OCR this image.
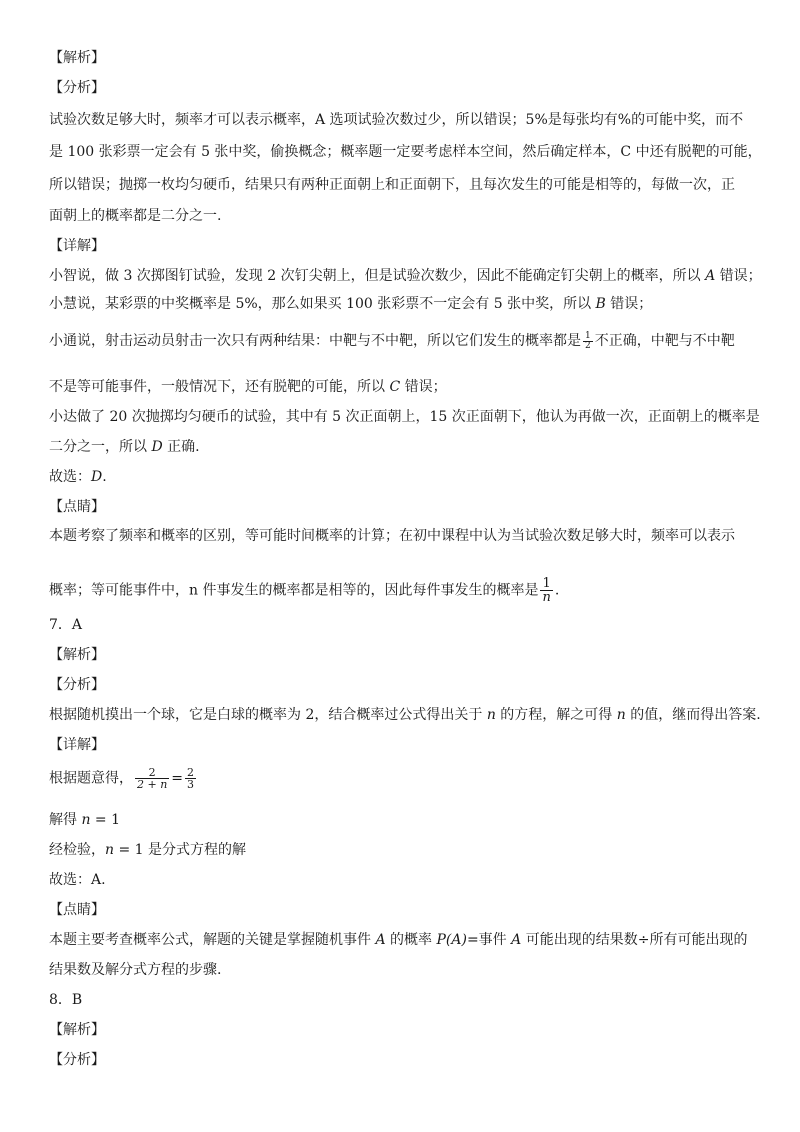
【解析】
【分析】
试验次数足够大时，频率才可以表示概率，A 选项试验次数过少，所以错误；5%是每张均有%的可能中奖，而不
是 100 张彩票一定会有 5 张中奖，偷换概念；概率题一定要考虑样本空间，然后确定样本，C 中还有脱靶的可能，
所以错误；抛掷一枚均匀硬币，结果只有两种正面朝上和正面朝下，且每次发生的可能是相等的，每做一次，正
面朝上的概率都是二分之一.
【详解】
小智说，做 3 次掷图钉试验，发现 2 次钉尖朝上，但是试验次数少，因此不能确定钉尖朝上的概率，所以 A 错误；
小慧说，某彩票的中奖概率是 5%，那么如果买 100 张彩票不一定会有 5 张中奖，所以 B 错误；
小通说，射击运动员射击一次只有两种结果：中靶与不中靶，所以它们发生的概率都是 $\frac{1}{2}$ 不正确，中靶与不中靶
不是等可能事件，一般情况下，还有脱靶的可能，所以 C 错误；
小达做了 20 次抛掷均匀硬币的试验，其中有 5 次正面朝上，15 次正面朝下，他认为再做一次，正面朝上的概率是
二分之一，所以 D 正确.
故选：D.
【点睛】
本题考察了频率和概率的区别，等可能时间概率的计算；在初中课程中认为当试验次数足够大时，频率可以表示
概率；等可能事件中，n 件事发生的概率都是相等的，因此每件事发生的概率是 $\frac{1}{n}$ .
7．A
【解析】
【分析】
根据随机摸出一个球，它是白球的概率为 2，结合概率过公式得出关于 n 的方程，解之可得 n 的值，继而得出答案.
【详解】
根据题意得， $\frac{2}{2 + n} = \frac{2}{3}$
解得 n = 1
经检验，n = 1 是分式方程的解
故选：A.
【点睛】
本题主要考查概率公式，解题的关键是掌握随机事件 A 的概率 P(A)=事件 A 可能出现的结果数÷所有可能出现的
结果数及解分式方程的步骤.
8．B
【解析】
【分析】
